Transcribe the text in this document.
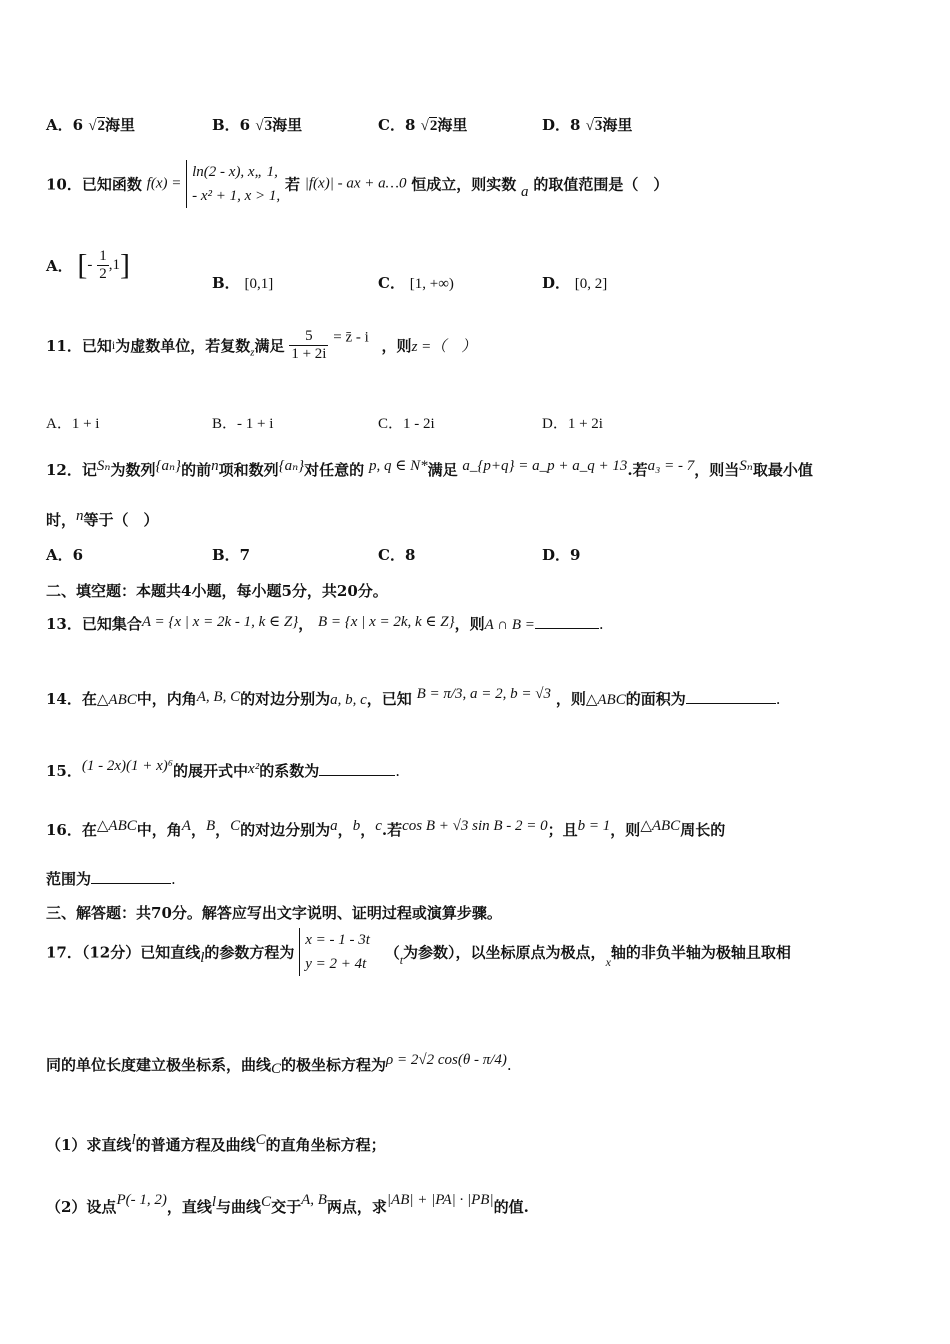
A．6 √2海里	B．6 √3海里	C．8 √2海里	D．8 √3海里
10．已知函数 f(x) =
ln(2 - x), x„ 1,
- x² + 1, x > 1,
若 |f(x)| - ax + a…0 恒成立，则实数 a 的取值范围是（　）
A． [- $\frac{1}{2} ,1$]
B． [0,1]	C． [1, +∞)	D． [0, 2]
11．已知i为虚数单位，若复数$_z$满足 $\frac{5}{1 + 2i}$ = z̄ - i ，则z =（　）
A．1 + i	B．- 1 + i	C．1 - 2i	D．1 + 2i
12．记Sₙ为数列{aₙ}的前n项和数列{aₙ}对任意的 p, q ∈ N*满足 a_{p+q} = a_p + a_q + 13.若a₃ = - 7，则当Sₙ取最小值
时，n等于（　）
A．6	B．7	C．8	D．9
二、填空题：本题共4小题，每小题5分，共20分。
13．已知集合A = {x | x = 2k - 1, k ∈ Z}， B = {x | x = 2k, k ∈ Z}，则A ∩ B =	.
14．在△ABC中，内角A, B, C的对边分别为a, b, c，已知 B = π/3, a = 2, b = √3 ，则△ABC的面积为	.
15．(1 - 2x)(1 + x)⁶的展开式中x²的系数为	.
16．在△ABC中，角A，B，C的对边分别为a，b，c.若cos B + √3 sin B - 2 = 0；且b = 1，则△ABC周长的
范围为	.
三、解答题：共70分。解答应写出文字说明、证明过程或演算步骤。
17．（12分）已知直线l的参数方程为
x = - 1 - 3t
y = 2 + 4t
（$_t$为参数），以坐标原点为极点，$_x$轴的非负半轴为极轴且取相
同的单位长度建立极坐标系，曲线C的极坐标方程为ρ = 2√2 cos(θ - π/4).
（1）求直线l的普通方程及曲线C的直角坐标方程；
（2）设点P(- 1, 2)，直线l与曲线C交于A, B两点，求|AB| + |PA| · |PB|的值.
